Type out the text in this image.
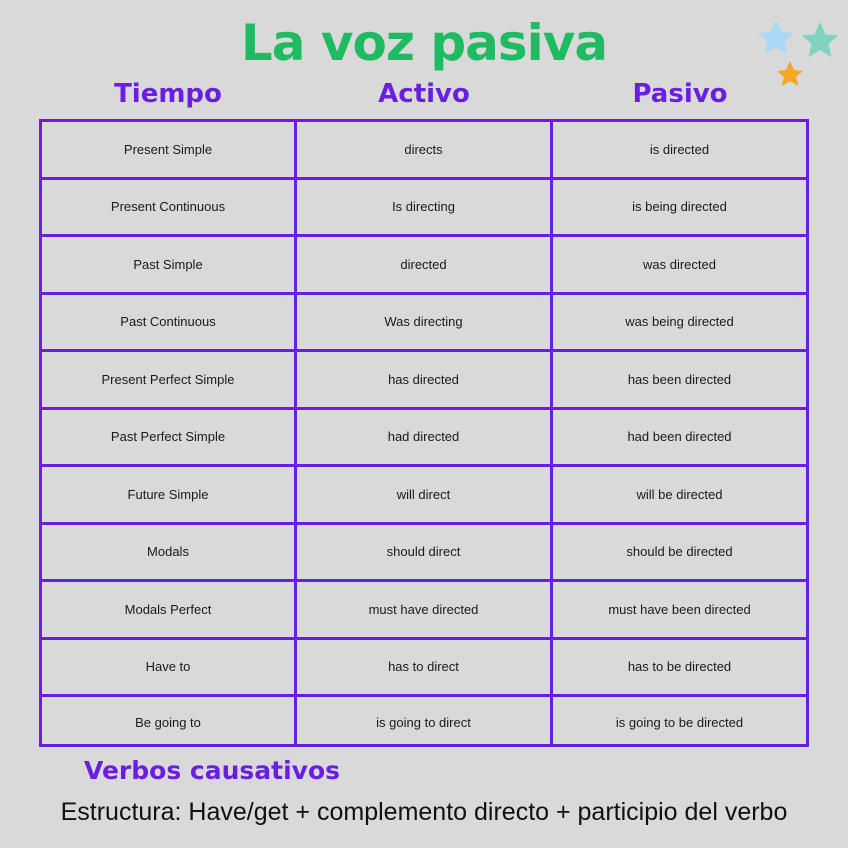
La voz pasiva
Tiempo	Activo	Pasivo
Present Simple	directs	is directed
Present Continuous	Is directing	is being directed
Past Simple	directed	was directed
Past Continuous	Was directing	was being directed
Present Perfect Simple	has directed	has been directed
Past Perfect Simple	had directed	had been directed
Future Simple	will direct	will be directed
Modals	should direct	should be directed
Modals Perfect	must have directed	must have been directed
Have to	has to direct	has to be directed
Be going to	is going to direct	is going to be directed
Verbos causativos
Estructura: Have/get + complemento directo + participio del verbo
